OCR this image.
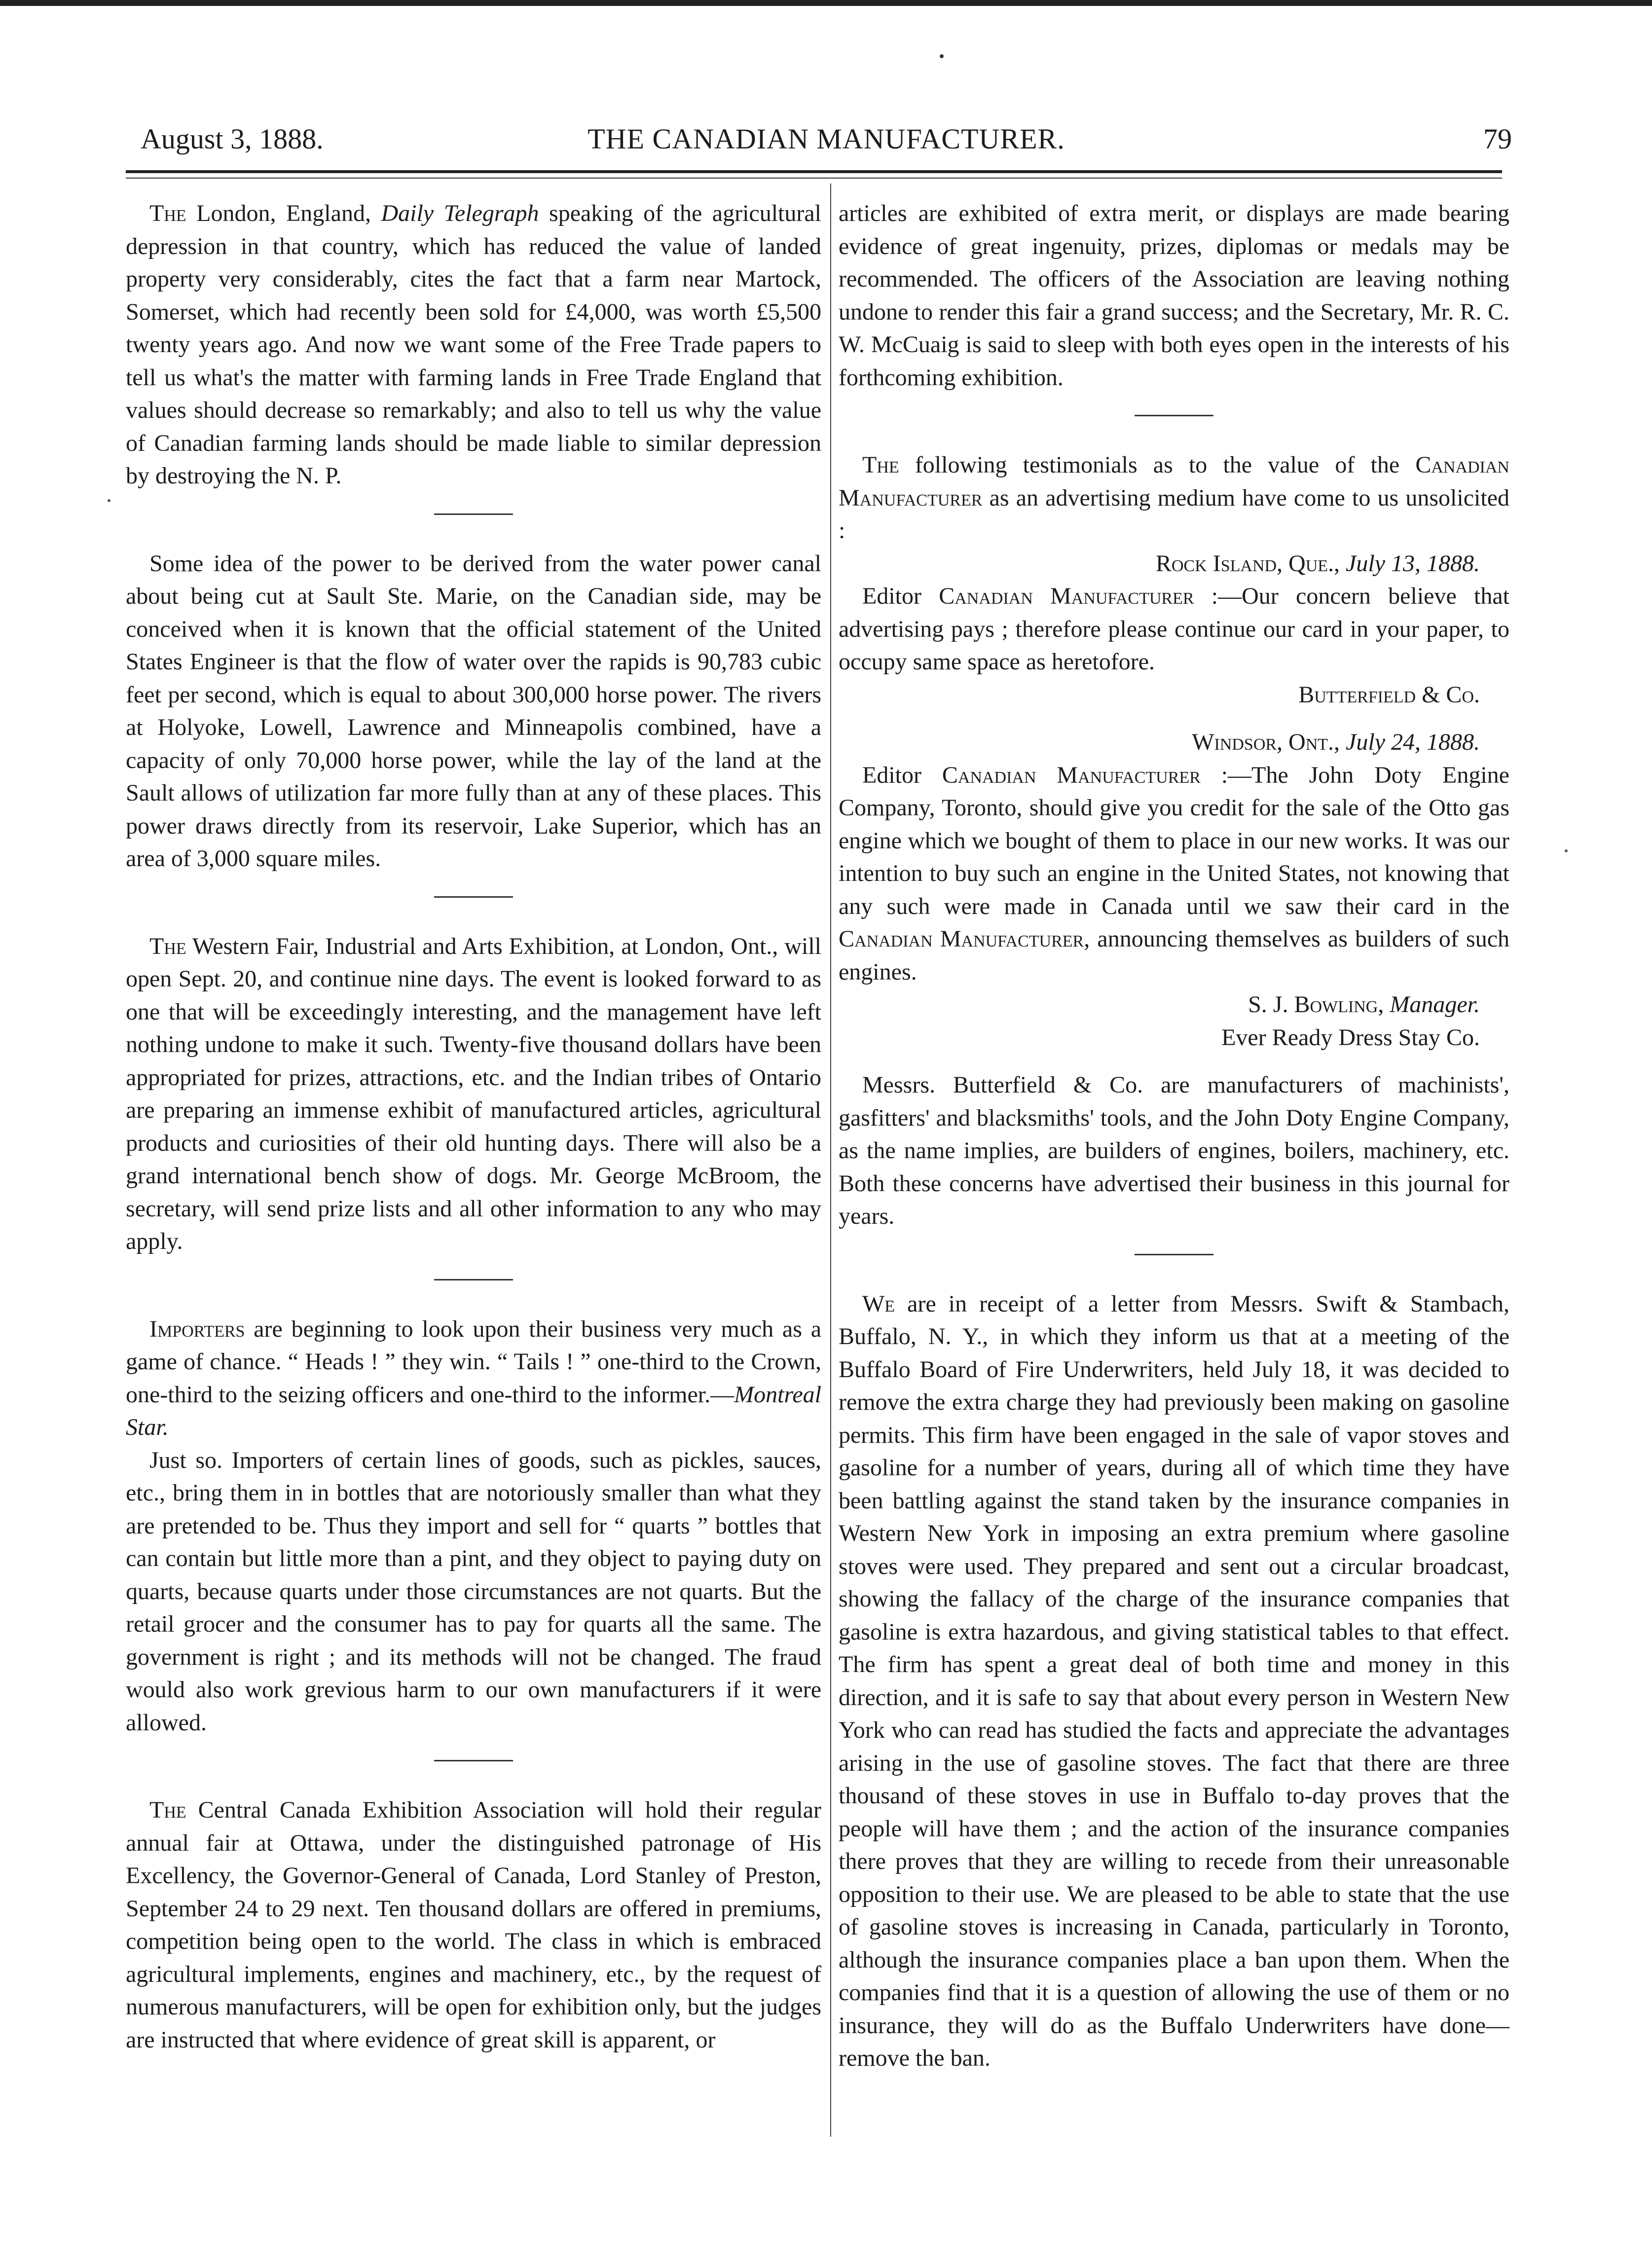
August 3, 1888.	THE CANADIAN MANUFACTURER.	79

The London, England, Daily Telegraph speaking of the agricultural depression in that country, which has reduced the value of landed property very considerably, cites the fact that a farm near Martock, Somerset, which had recently been sold for £4,000, was worth £5,500 twenty years ago. And now we want some of the Free Trade papers to tell us what's the matter with farming lands in Free Trade England that values should decrease so remarkably; and also to tell us why the value of Canadian farming lands should be made liable to similar depression by destroying the N. P.

Some idea of the power to be derived from the water power canal about being cut at Sault Ste. Marie, on the Canadian side, may be conceived when it is known that the official statement of the United States Engineer is that the flow of water over the rapids is 90,783 cubic feet per second, which is equal to about 300,000 horse power. The rivers at Holyoke, Lowell, Lawrence and Minneapolis combined, have a capacity of only 70,000 horse power, while the lay of the land at the Sault allows of utilization far more fully than at any of these places. This power draws directly from its reservoir, Lake Superior, which has an area of 3,000 square miles.

The Western Fair, Industrial and Arts Exhibition, at London, Ont., will open Sept. 20, and continue nine days. The event is looked forward to as one that will be exceedingly interesting, and the management have left nothing undone to make it such. Twenty-five thousand dollars have been appropriated for prizes, attractions, etc. and the Indian tribes of Ontario are preparing an immense exhibit of manufactured articles, agricultural products and curiosities of their old hunting days. There will also be a grand international bench show of dogs. Mr. George McBroom, the secretary, will send prize lists and all other information to any who may apply.

Importers are beginning to look upon their business very much as a game of chance. “ Heads ! ” they win. “ Tails ! ” one-third to the Crown, one-third to the seizing officers and one-third to the informer.—Montreal Star.

Just so. Importers of certain lines of goods, such as pickles, sauces, etc., bring them in in bottles that are notoriously smaller than what they are pretended to be. Thus they import and sell for “ quarts ” bottles that can contain but little more than a pint, and they object to paying duty on quarts, because quarts under those circumstances are not quarts. But the retail grocer and the consumer has to pay for quarts all the same. The government is right ; and its methods will not be changed. The fraud would also work grevious harm to our own manufacturers if it were allowed.

The Central Canada Exhibition Association will hold their regular annual fair at Ottawa, under the distinguished patronage of His Excellency, the Governor-General of Canada, Lord Stanley of Preston, September 24 to 29 next. Ten thousand dollars are offered in premiums, competition being open to the world. The class in which is embraced agricultural implements, engines and machinery, etc., by the request of numerous manufacturers, will be open for exhibition only, but the judges are instructed that where evidence of great skill is apparent, or

articles are exhibited of extra merit, or displays are made bearing evidence of great ingenuity, prizes, diplomas or medals may be recommended. The officers of the Association are leaving nothing undone to render this fair a grand success; and the Secretary, Mr. R. C. W. McCuaig is said to sleep with both eyes open in the interests of his forthcoming exhibition.

The following testimonials as to the value of the Canadian Manufacturer as an advertising medium have come to us unsolicited :

Rock Island, Que., July 13, 1888.

Editor Canadian Manufacturer :—Our concern believe that advertising pays ; therefore please continue our card in your paper, to occupy same space as heretofore.

Butterfield & Co.
Windsor, Ont., July 24, 1888.

Editor Canadian Manufacturer :—The John Doty Engine Company, Toronto, should give you credit for the sale of the Otto gas engine which we bought of them to place in our new works. It was our intention to buy such an engine in the United States, not knowing that any such were made in Canada until we saw their card in the Canadian Manufacturer, announcing themselves as builders of such engines.

S. J. Bowling, Manager.
Ever Ready Dress Stay Co.

Messrs. Butterfield & Co. are manufacturers of machinists', gasfitters' and blacksmiths' tools, and the John Doty Engine Company, as the name implies, are builders of engines, boilers, machinery, etc. Both these concerns have advertised their business in this journal for years.

We are in receipt of a letter from Messrs. Swift & Stambach, Buffalo, N. Y., in which they inform us that at a meeting of the Buffalo Board of Fire Underwriters, held July 18, it was decided to remove the extra charge they had previously been making on gasoline permits. This firm have been engaged in the sale of vapor stoves and gasoline for a number of years, during all of which time they have been battling against the stand taken by the insurance companies in Western New York in imposing an extra premium where gasoline stoves were used. They prepared and sent out a circular broadcast, showing the fallacy of the charge of the insurance companies that gasoline is extra hazardous, and giving statistical tables to that effect. The firm has spent a great deal of both time and money in this direction, and it is safe to say that about every person in Western New York who can read has studied the facts and appreciate the advantages arising in the use of gasoline stoves. The fact that there are three thousand of these stoves in use in Buffalo to-day proves that the people will have them ; and the action of the insurance companies there proves that they are willing to recede from their unreasonable opposition to their use. We are pleased to be able to state that the use of gasoline stoves is increasing in Canada, particularly in Toronto, although the insurance companies place a ban upon them. When the companies find that it is a question of allowing the use of them or no insurance, they will do as the Buffalo Underwriters have done—remove the ban.
